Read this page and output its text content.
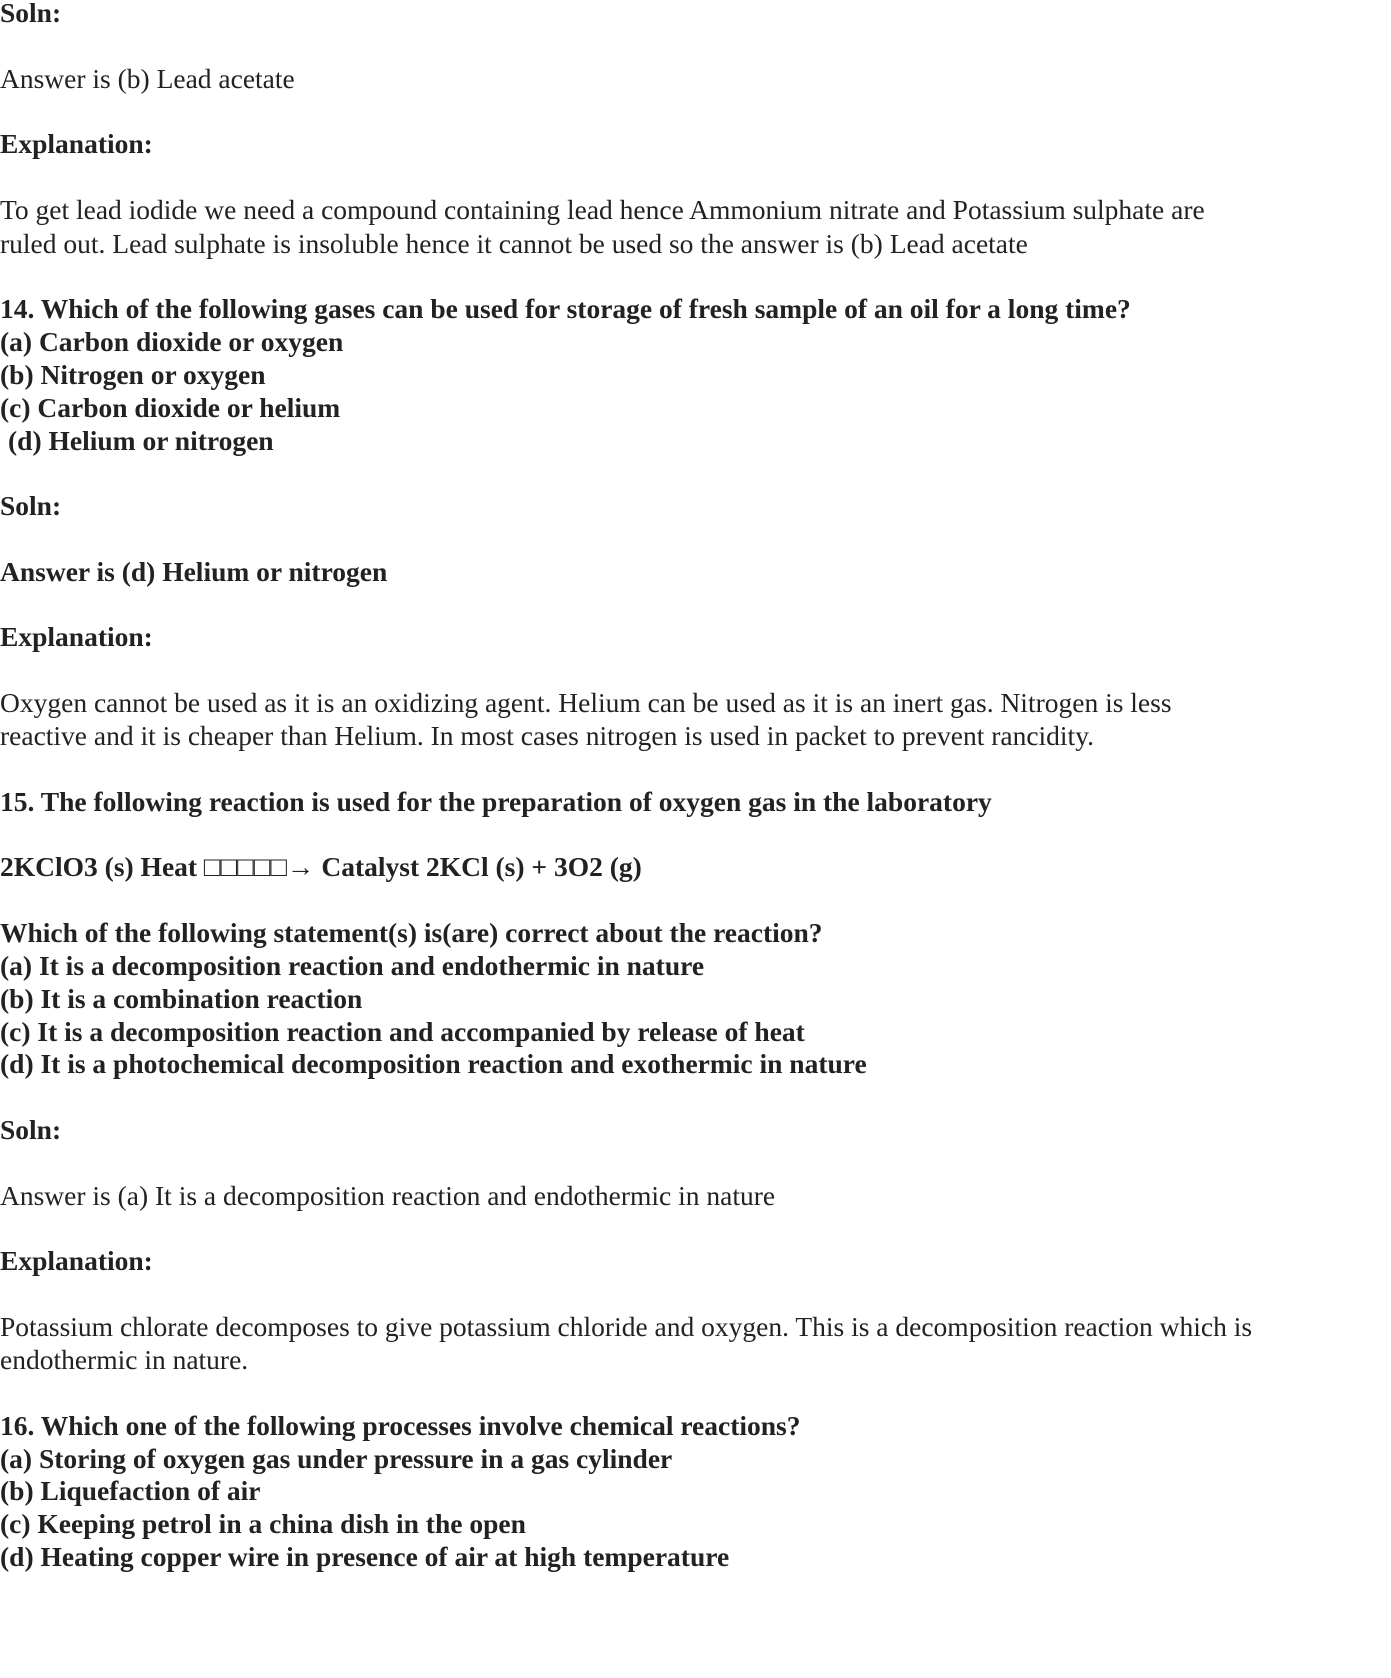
Soln:

Answer is (b) Lead acetate

Explanation:

To get lead iodide we need a compound containing lead hence Ammonium nitrate and Potassium sulphate are

ruled out. Lead sulphate is insoluble hence it cannot be used so the answer is (b) Lead acetate

14. Which of the following gases can be used for storage of fresh sample of an oil for a long time?

(a) Carbon dioxide or oxygen

(b) Nitrogen or oxygen

(c) Carbon dioxide or helium

(d) Helium or nitrogen

Soln:

Answer is (d) Helium or nitrogen

Explanation:

Oxygen cannot be used as it is an oxidizing agent. Helium can be used as it is an inert gas. Nitrogen is less

reactive and it is cheaper than Helium. In most cases nitrogen is used in packet to prevent rancidity.

15. The following reaction is used for the preparation of oxygen gas in the laboratory

2KClO3 (s) Heat □□□□□→ Catalyst 2KCl (s) + 3O2 (g)

Which of the following statement(s) is(are) correct about the reaction?

(a) It is a decomposition reaction and endothermic in nature

(b) It is a combination reaction

(c) It is a decomposition reaction and accompanied by release of heat

(d) It is a photochemical decomposition reaction and exothermic in nature

Soln:

Answer is (a) It is a decomposition reaction and endothermic in nature

Explanation:

Potassium chlorate decomposes to give potassium chloride and oxygen. This is a decomposition reaction which is

endothermic in nature.

16. Which one of the following processes involve chemical reactions?

(a) Storing of oxygen gas under pressure in a gas cylinder

(b) Liquefaction of air

(c) Keeping petrol in a china dish in the open

(d) Heating copper wire in presence of air at high temperature
